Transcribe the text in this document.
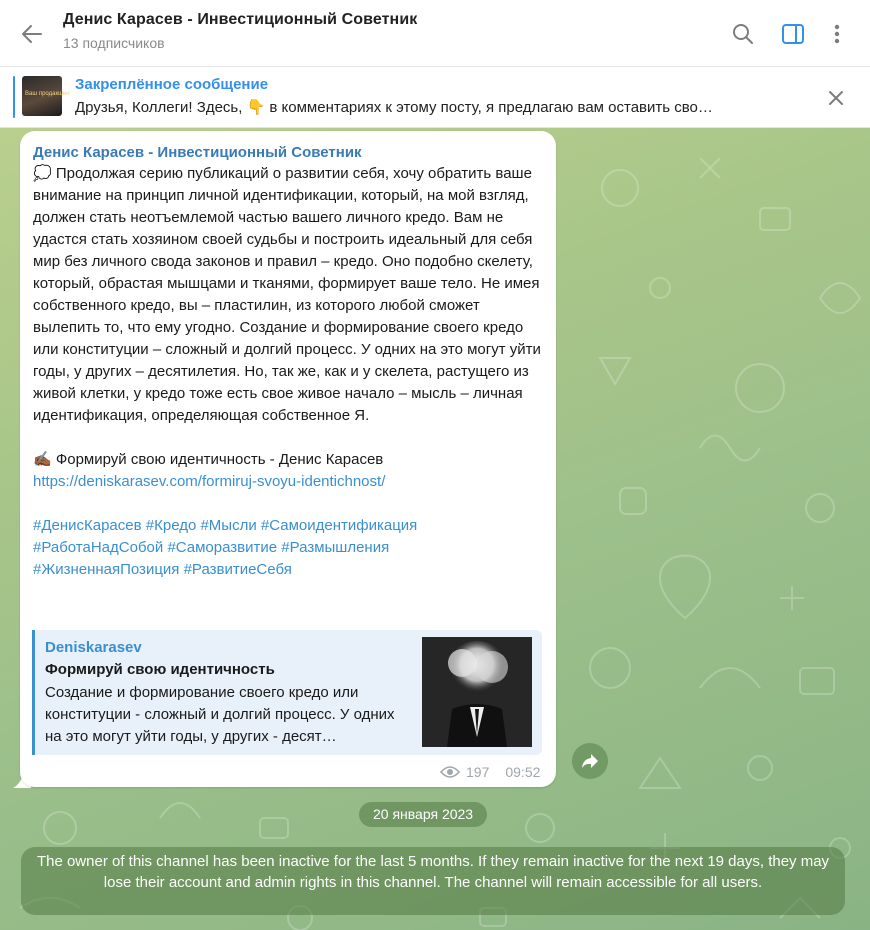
Денис Карасев - Инвестиционный Советник
13 подписчиков
Ваш продакшен
Закреплённое сообщение
Друзья, Коллеги! Здесь, 👇 в комментариях к этому посту, я предлагаю вам оставить сво…
Денис Карасев - Инвестиционный Советник

💭 Продолжая серию публикаций о развитии себя, хочу обратить ваше внимание на принцип личной идентификации, который, на мой взгляд, должен стать неотъемлемой частью вашего личного кредо. Вам не удастся стать хозяином своей судьбы и построить идеальный для себя мир без личного свода законов и правил – кредо. Оно подобно скелету, который, обрастая мышцами и тканями, формирует ваше тело. Не имея собственного кредо, вы – пластилин, из которого любой сможет вылепить то, что ему угодно. Создание и формирование своего кредо или конституции – сложный и долгий процесс. У одних на это могут уйти годы, у других – десятилетия. Но, так же, как и у скелета, растущего из живой клетки, у кредо тоже есть свое живое начало – мысль – личная идентификация, определяющая собственное Я.

✍🏾 Формируй свою идентичность - Денис Карасев

https://deniskarasev.com/formiruj-svoyu-identichnost/

#ДенисКарасев #Кредо #Мысли #Самоидентификация

#РаботаНадСобой #Саморазвитие #Размышления

#ЖизненнаяПозиция #РазвитиеСебя

Deniskarasev
Формируй свою идентичность
Создание и формирование своего кредо или конституции - сложный и долгий процесс. У одних на это могут уйти годы, у других - десят…
197 09:52
20 января 2023
The owner of this channel has been inactive for the last 5 months. If they remain inactive for the next 19 days, they may lose their account and admin rights in this channel. The channel will remain accessible for all users.
